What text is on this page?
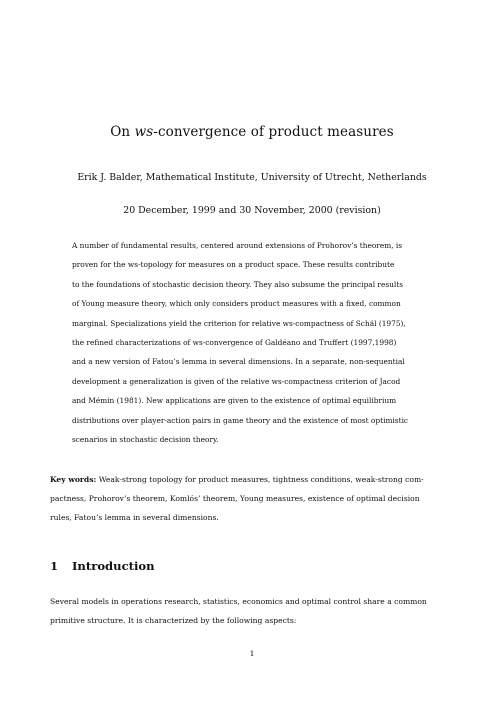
On ws-convergence of product measures
Erik J. Balder, Mathematical Institute, University of Utrecht, Netherlands
20 December, 1999 and 30 November, 2000 (revision)
A number of fundamental results, centered around extensions of Prohorov’s theorem, is
proven for the ws-topology for measures on a product space. These results contribute
to the foundations of stochastic decision theory. They also subsume the principal results
of Young measure theory, which only considers product measures with a fixed, common
marginal. Specializations yield the criterion for relative ws-compactness of Schäl (1975),
the refined characterizations of ws-convergence of Galdéano and Truffert (1997,1998)
and a new version of Fatou’s lemma in several dimensions. In a separate, non-sequential
development a generalization is given of the relative ws-compactness criterion of Jacod
and Mémin (1981). New applications are given to the existence of optimal equilibrium
distributions over player-action pairs in game theory and the existence of most optimistic
scenarios in stochastic decision theory.
Key words: Weak-strong topology for product measures, tightness conditions, weak-strong com-
pactness, Prohorov’s theorem, Komlós’ theorem, Young measures, existence of optimal decision
rules, Fatou’s lemma in several dimensions.
1 Introduction
Several models in operations research, statistics, economics and optimal control share a common
primitive structure. It is characterized by the following aspects:
1
